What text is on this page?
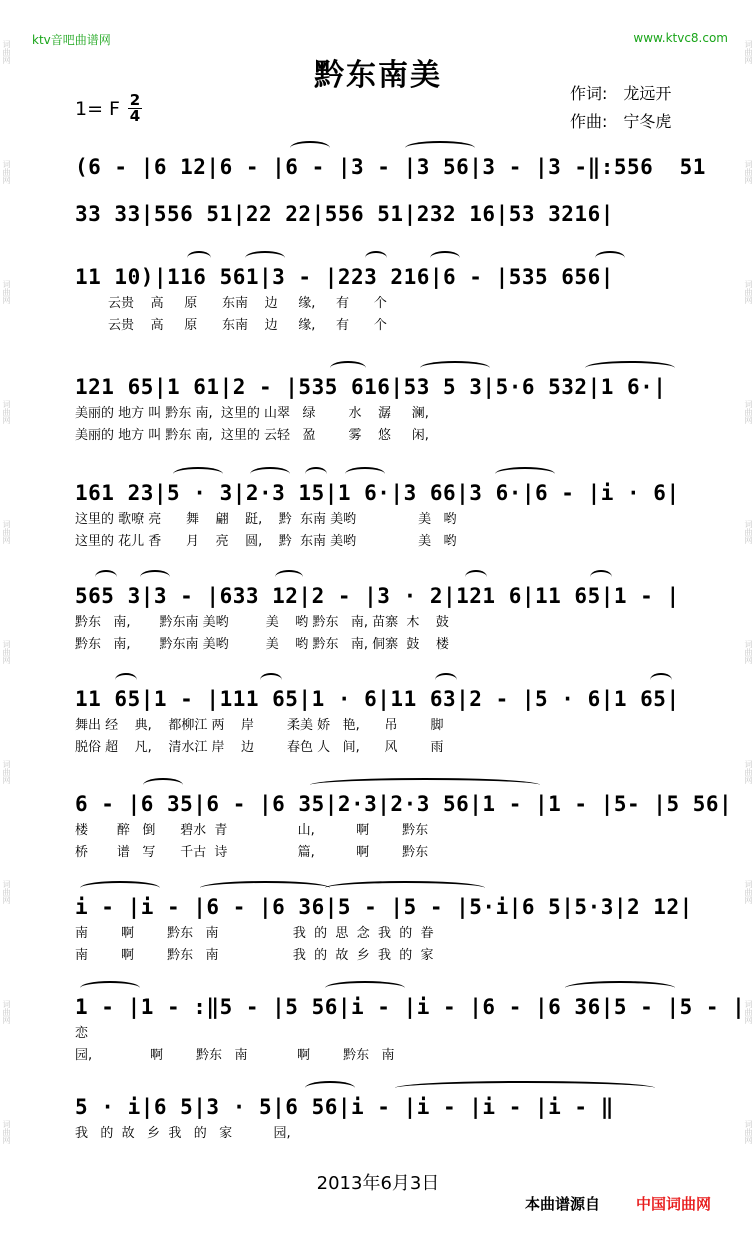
词曲网
词曲网
词曲网
词曲网
词曲网
词曲网
词曲网
词曲网
词曲网
词曲网
词曲网
词曲网
词曲网
词曲网
词曲网
词曲网
词曲网
词曲网
词曲网
词曲网
ktv音吧曲谱网	www.ktvc8.com
黔东南美
1= F $\frac{2}{4}$	作词: 龙远开
作曲: 宁冬虎
(6 - |6 12|6 - |6 - |3 - |3 56|3 - |3 -‖:556  51
33 33|556 51|22 22|556 51|232 16|53 3216|
11 10)|116 561|3 - |223 216|6 - |535 656|
云贵    高     原      东南    边     缘,     有      个
云贵    高     原      东南    边     缘,     有      个
121 65|1 61|2 - |535 616|53 5 3|5·6 532|1 6·|
美丽的 地方 叫 黔东 南,  这里的 山翠   绿        水    潺     澜,
美丽的 地方 叫 黔东 南,  这里的 云轻   盈        雾    悠     闲,
161 23|5 · 3|2·3 15|1 6·|3 66|3 6·|6 - |i · 6|
这里的 歌嘹 亮      舞    翩    跹,    黔  东南 美哟               美   哟
这里的 花儿 香      月    亮    圆,    黔  东南 美哟               美   哟
565 3|3 - |633 12|2 - |3 · 2|121 6|11 65|1 - |
黔东   南,       黔东南 美哟         美    哟 黔东   南, 苗寨  木    鼓
黔东   南,       黔东南 美哟         美    哟 黔东   南, 侗寨  鼓    楼
11 65|1 - |111 65|1 · 6|11 63|2 - |5 · 6|1 65|
舞出 经    典,    都柳江 两    岸        柔美 娇   艳,      吊        脚
脱俗 超    凡,    清水江 岸    边        春色 人   间,      风        雨
6 - |6 35|6 - |6 35|2·3|2·3 56|1 - |1 - |5- |5 56|
楼       醉   倒      碧水  青                 山,          啊        黔东
桥       谱   写      千古  诗                 篇,          啊        黔东
i - |i - |6 - |6 36|5 - |5 - |5·i|6 5|5·3|2 12|
南        啊        黔东   南                  我  的  思  念  我  的  眷
南        啊        黔东   南                  我  的  故  乡  我  的  家
1 - |1 - :‖5 - |5 56|i - |i - |6 - |6 36|5 - |5 - |
恋
园,              啊        黔东   南            啊        黔东   南
5 · i|6 5|3 · 5|6 56|i - |i - |i - |i - ‖
我   的  故   乡  我   的   家          园,
2013年6月3日
本曲谱源自 中国词曲网
